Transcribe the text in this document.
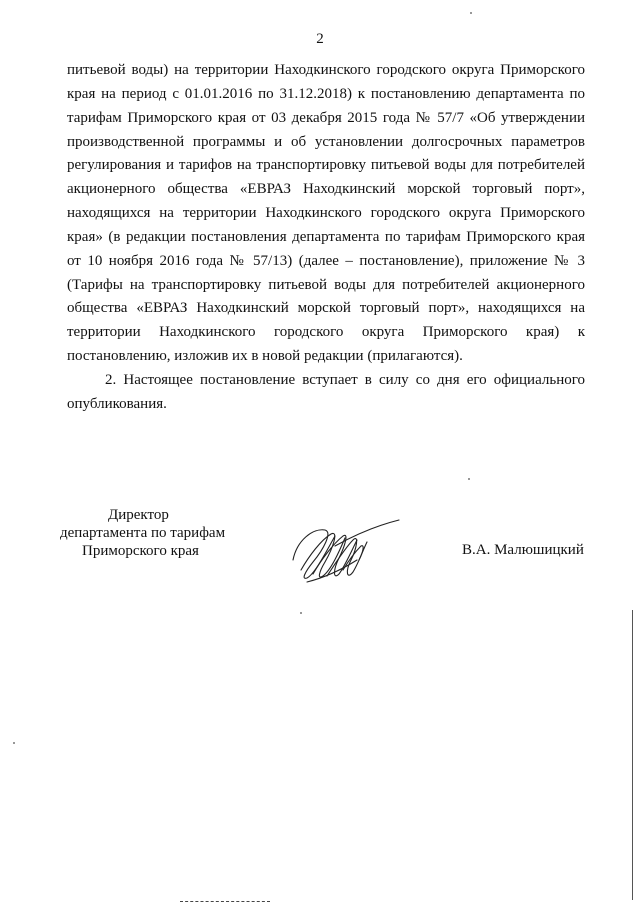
2

питьевой воды) на территории Находкинского городского округа Приморского края на период с 01.01.2016 по 31.12.2018) к постановлению департамента по тарифам Приморского края от 03 декабря 2015 года № 57/7 «Об утверждении производственной программы и об установлении долгосрочных параметров регулирования и тарифов на транспортировку питьевой воды для потребителей акционерного общества «ЕВРАЗ Находкинский морской торговый порт», находящихся на территории Находкинского городского округа Приморского края» (в редакции постановления департамента по тарифам Приморского края от 10 ноября 2016 года № 57/13) (далее – постановление), приложение № 3 (Тарифы на транспортировку питьевой воды для потребителей акционерного общества «ЕВРАЗ Находкинский морской торговый порт», находящихся на территории Находкинского городского округа Приморского края) к постановлению, изложив их в новой редакции (прилагаются).

2. Настоящее постановление вступает в силу со дня его официального опубликования.

Директор
департамента по тарифам
Приморского края	В.А. Малюшицкий
